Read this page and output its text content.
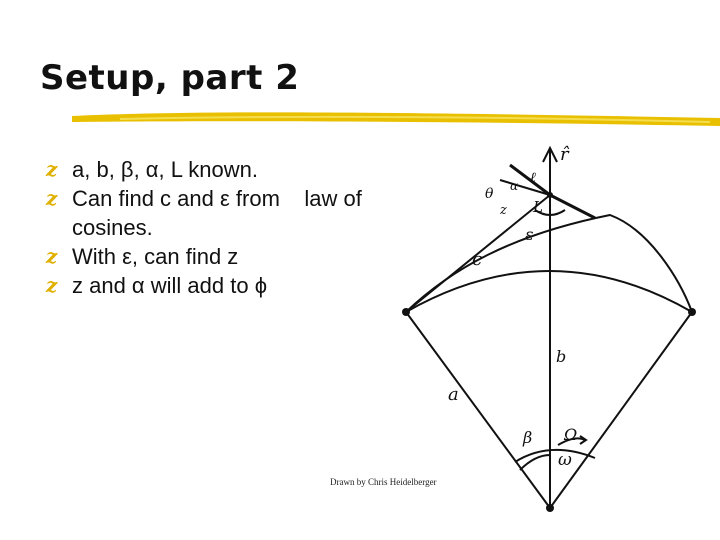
Setup, part 2
z a, b, β, α, L known.
z Can find c and ε from    law of cosines.
z With ε, can find z
z z and α will add to ϕ
r̂
ℓ
α
θ
z L
ε
c
b
a
β Ω
ω
Drawn by Chris Heidelberger
